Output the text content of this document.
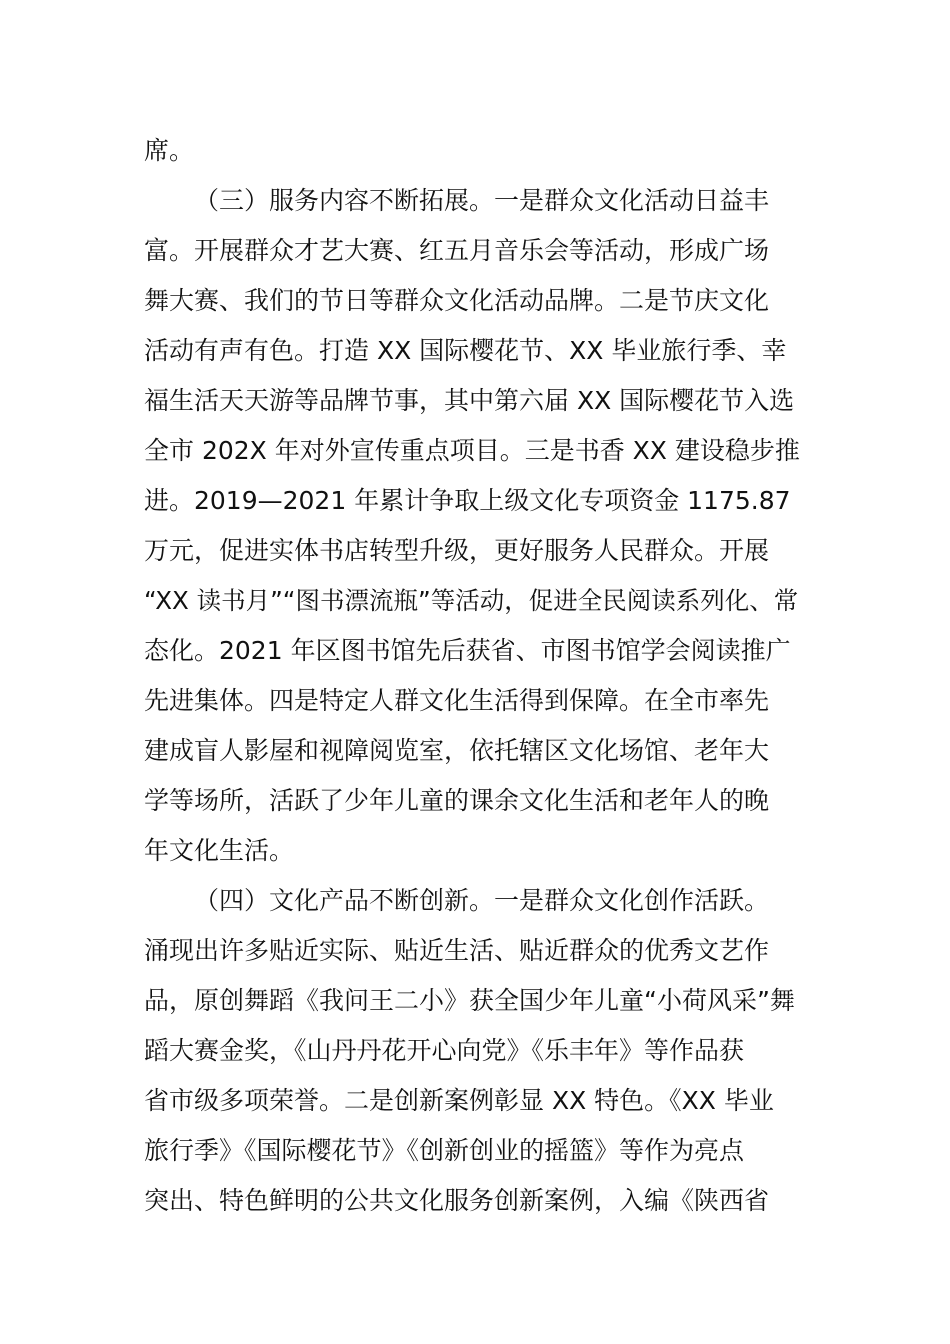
席。
（三）服务内容不断拓展。一是群众文化活动日益丰
富。开展群众才艺大赛、红五月音乐会等活动，形成广场
舞大赛、我们的节日等群众文化活动品牌。二是节庆文化
活动有声有色。打造 XX 国际樱花节、XX 毕业旅行季、幸
福生活天天游等品牌节事，其中第六届 XX 国际樱花节入选
全市 202X 年对外宣传重点项目。三是书香 XX 建设稳步推
进。2019—2021 年累计争取上级文化专项资金 1175.87
万元，促进实体书店转型升级，更好服务人民群众。开展
“XX 读书月”“图书漂流瓶”等活动，促进全民阅读系列化、常
态化。2021 年区图书馆先后获省、市图书馆学会阅读推广
先进集体。四是特定人群文化生活得到保障。在全市率先
建成盲人影屋和视障阅览室，依托辖区文化场馆、老年大
学等场所，活跃了少年儿童的课余文化生活和老年人的晚
年文化生活。
（四）文化产品不断创新。一是群众文化创作活跃。
涌现出许多贴近实际、贴近生活、贴近群众的优秀文艺作
品，原创舞蹈《我问王二小》获全国少年儿童“小荷风采”舞
蹈大赛金奖，《山丹丹花开心向党》《乐丰年》等作品获
省市级多项荣誉。二是创新案例彰显 XX 特色。《XX 毕业
旅行季》《国际樱花节》《创新创业的摇篮》等作为亮点
突出、特色鲜明的公共文化服务创新案例，入编《陕西省
